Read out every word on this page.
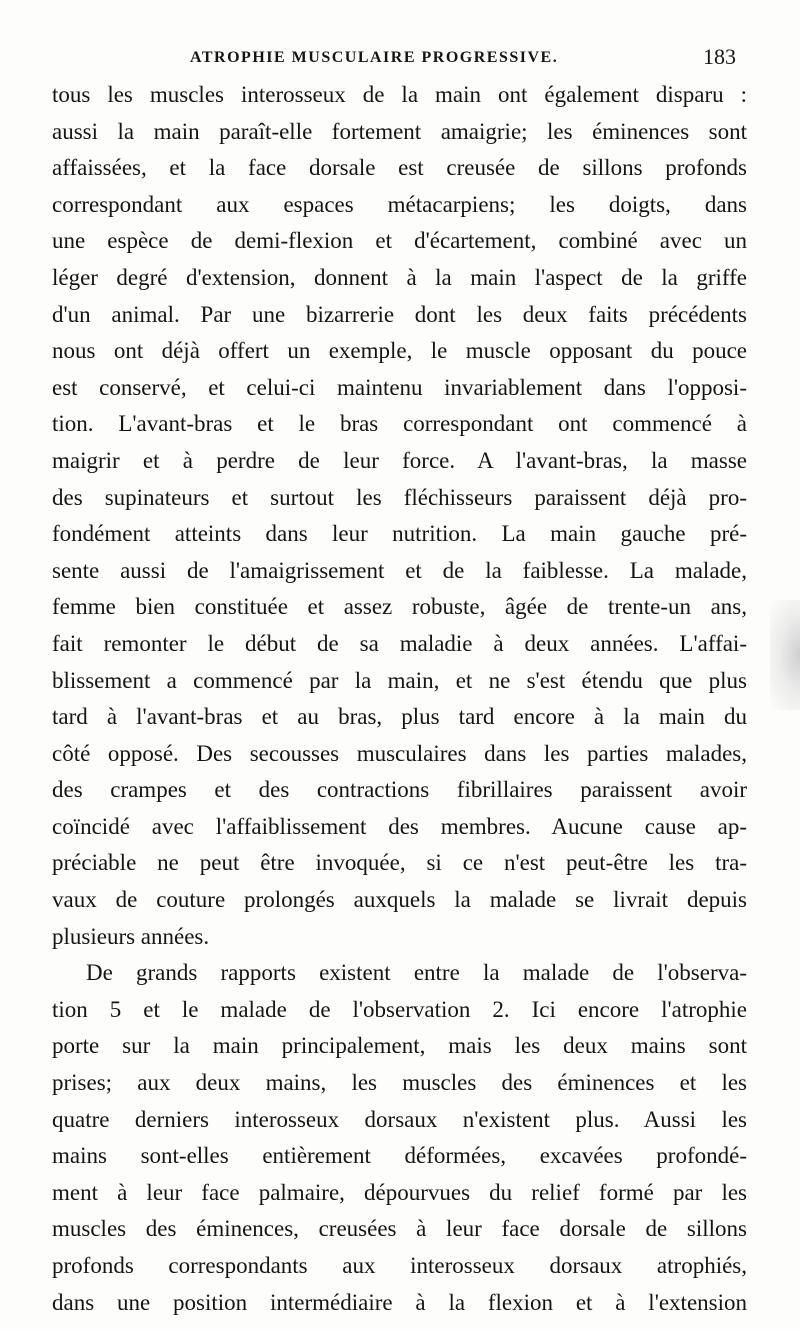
ATROPHIE MUSCULAIRE PROGRESSIVE.	183
tous les muscles interosseux de la main ont également disparu :
aussi la main paraît-elle fortement amaigrie; les éminences sont
affaissées, et la face dorsale est creusée de sillons profonds
correspondant aux espaces métacarpiens; les doigts, dans
une espèce de demi-flexion et d'écartement, combiné avec un
léger degré d'extension, donnent à la main l'aspect de la griffe
d'un animal. Par une bizarrerie dont les deux faits précédents
nous ont déjà offert un exemple, le muscle opposant du pouce
est conservé, et celui-ci maintenu invariablement dans l'opposi-
tion. L'avant-bras et le bras correspondant ont commencé à
maigrir et à perdre de leur force. A l'avant-bras, la masse
des supinateurs et surtout les fléchisseurs paraissent déjà pro-
fondément atteints dans leur nutrition. La main gauche pré-
sente aussi de l'amaigrissement et de la faiblesse. La malade,
femme bien constituée et assez robuste, âgée de trente-un ans,
fait remonter le début de sa maladie à deux années. L'affai-
blissement a commencé par la main, et ne s'est étendu que plus
tard à l'avant-bras et au bras, plus tard encore à la main du
côté opposé. Des secousses musculaires dans les parties malades,
des crampes et des contractions fibrillaires paraissent avoir
coïncidé avec l'affaiblissement des membres. Aucune cause ap-
préciable ne peut être invoquée, si ce n'est peut-être les tra-
vaux de couture prolongés auxquels la malade se livrait depuis
plusieurs années.
De grands rapports existent entre la malade de l'observa-
tion 5 et le malade de l'observation 2. Ici encore l'atrophie
porte sur la main principalement, mais les deux mains sont
prises; aux deux mains, les muscles des éminences et les
quatre derniers interosseux dorsaux n'existent plus. Aussi les
mains sont-elles entièrement déformées, excavées profondé-
ment à leur face palmaire, dépourvues du relief formé par les
muscles des éminences, creusées à leur face dorsale de sillons
profonds correspondants aux interosseux dorsaux atrophiés,
dans une position intermédiaire à la flexion et à l'extension
